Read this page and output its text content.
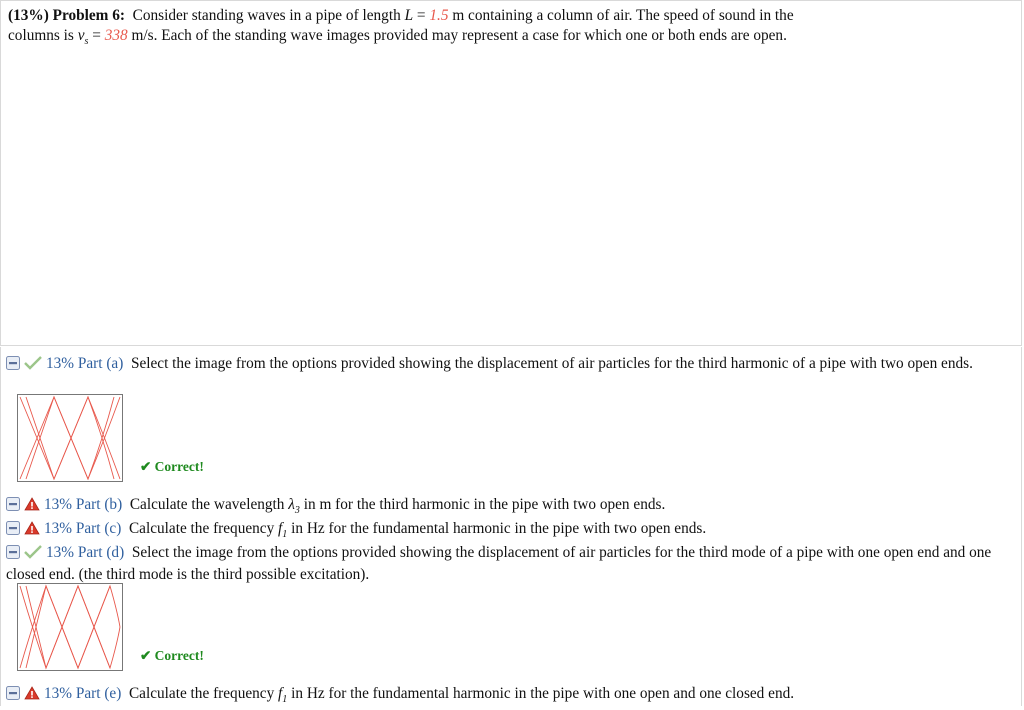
(13%) Problem 6: Consider standing waves in a pipe of length L = 1.5 m containing a column of air. The speed of sound in the
columns is $v_s = 338$ m/s. Each of the standing wave images provided may represent a case for which one or both ends are open.
13% Part (a) Select the image from the options provided showing the displacement of air particles for the third harmonic of a pipe with two open ends.
✔ Correct!
13% Part (b) Calculate the wavelength $\lambda_3$ in m for the third harmonic in the pipe with two open ends.
13% Part (c) Calculate the frequency $f_1$ in Hz for the fundamental harmonic in the pipe with two open ends.
13% Part (d) Select the image from the options provided showing the displacement of air particles for the third mode of a pipe with one open end and one closed end. (the third mode is the third possible excitation).
✔ Correct!
13% Part (e) Calculate the frequency $f_1$ in Hz for the fundamental harmonic in the pipe with one open and one closed end.
